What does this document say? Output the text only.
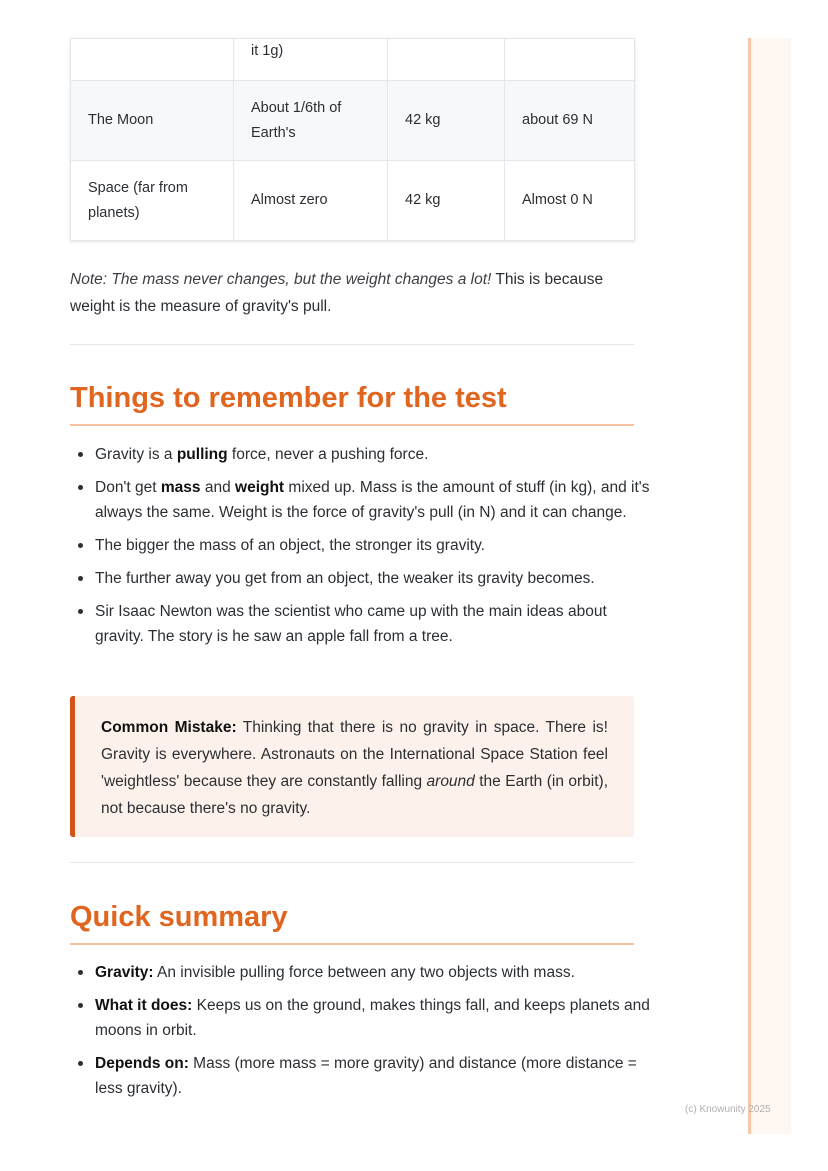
	it 1g)		
The Moon	About 1/6th of Earth's	42 kg	about 69 N
Space (far from planets)	Almost zero	42 kg	Almost 0 N

Note: The mass never changes, but the weight changes a lot! This is because weight is the measure of gravity's pull.

Things to remember for the test
Gravity is a pulling force, never a pushing force.
Don't get mass and weight mixed up. Mass is the amount of stuff (in kg), and it's always the same. Weight is the force of gravity's pull (in N) and it can change.
The bigger the mass of an object, the stronger its gravity.
The further away you get from an object, the weaker its gravity becomes.
Sir Isaac Newton was the scientist who came up with the main ideas about gravity. The story is he saw an apple fall from a tree.
Common Mistake: Thinking that there is no gravity in space. There is! Gravity is everywhere. Astronauts on the International Space Station feel 'weightless' because they are constantly falling around the Earth (in orbit), not because there's no gravity.
Quick summary
Gravity: An invisible pulling force between any two objects with mass.
What it does: Keeps us on the ground, makes things fall, and keeps planets and moons in orbit.
Depends on: Mass (more mass = more gravity) and distance (more distance = less gravity).
(c) Knowunity 2025
